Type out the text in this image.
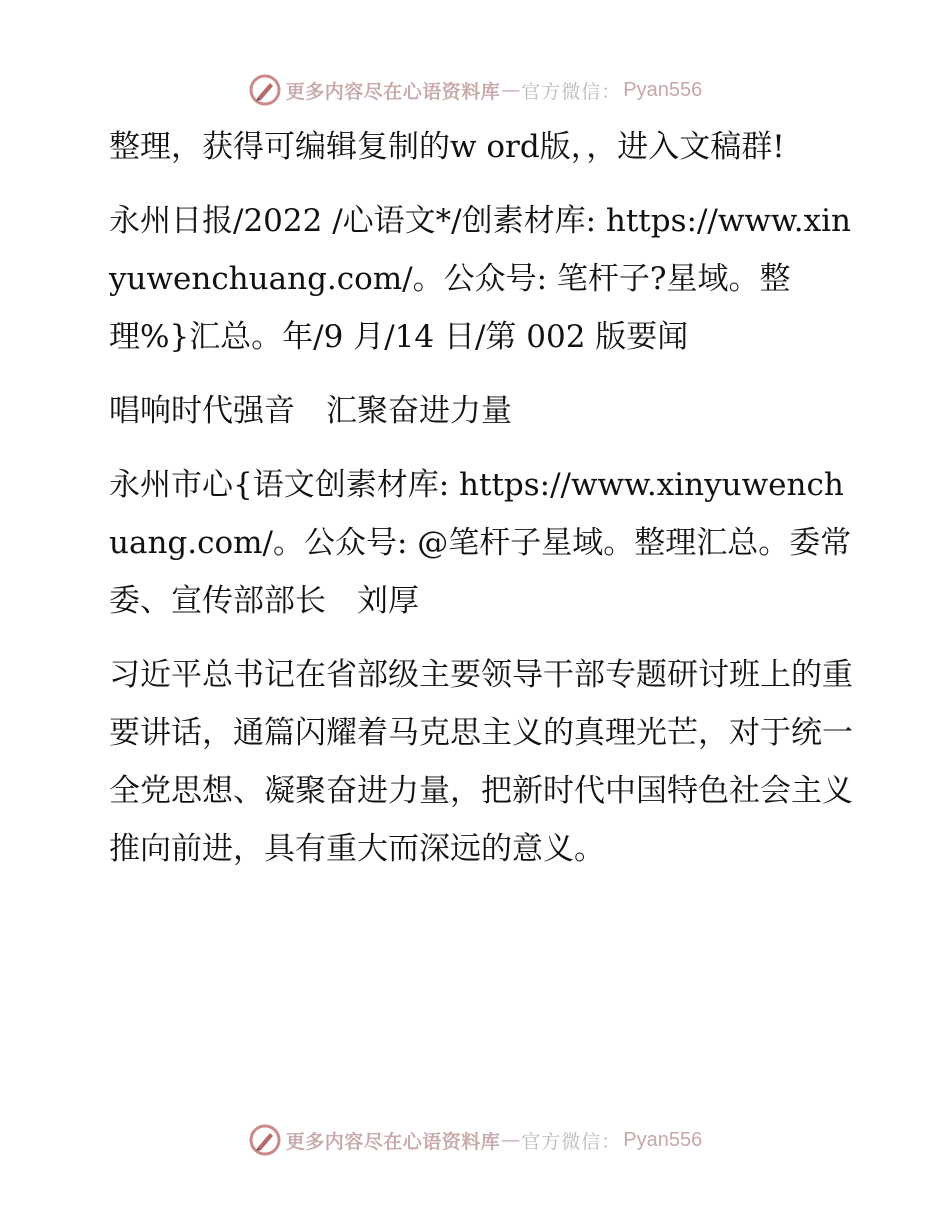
更多内容尽在心语资料库 — 官方微信： Pyan556

整理，获得可编辑复制的w ord版，，进入文稿群!

永州日报/2022 /心语文*/创素材库: https://www.xinyuwenchuang.com/。公众号: 笔杆子?星域。整理%}汇总。年/9 月/14 日/第 002 版要闻

唱响时代强音　汇聚奋进力量

永州市心{语文创素材库: https://www.xinyuwenchuang.com/。公众号: @笔杆子星域。整理汇总。委常委、宣传部部长　刘厚

习近平总书记在省部级主要领导干部专题研讨班上的重要讲话，通篇闪耀着马克思主义的真理光芒，对于统一全党思想、凝聚奋进力量，把新时代中国特色社会主义推向前进，具有重大而深远的意义。

更多内容尽在心语资料库 — 官方微信： Pyan556
